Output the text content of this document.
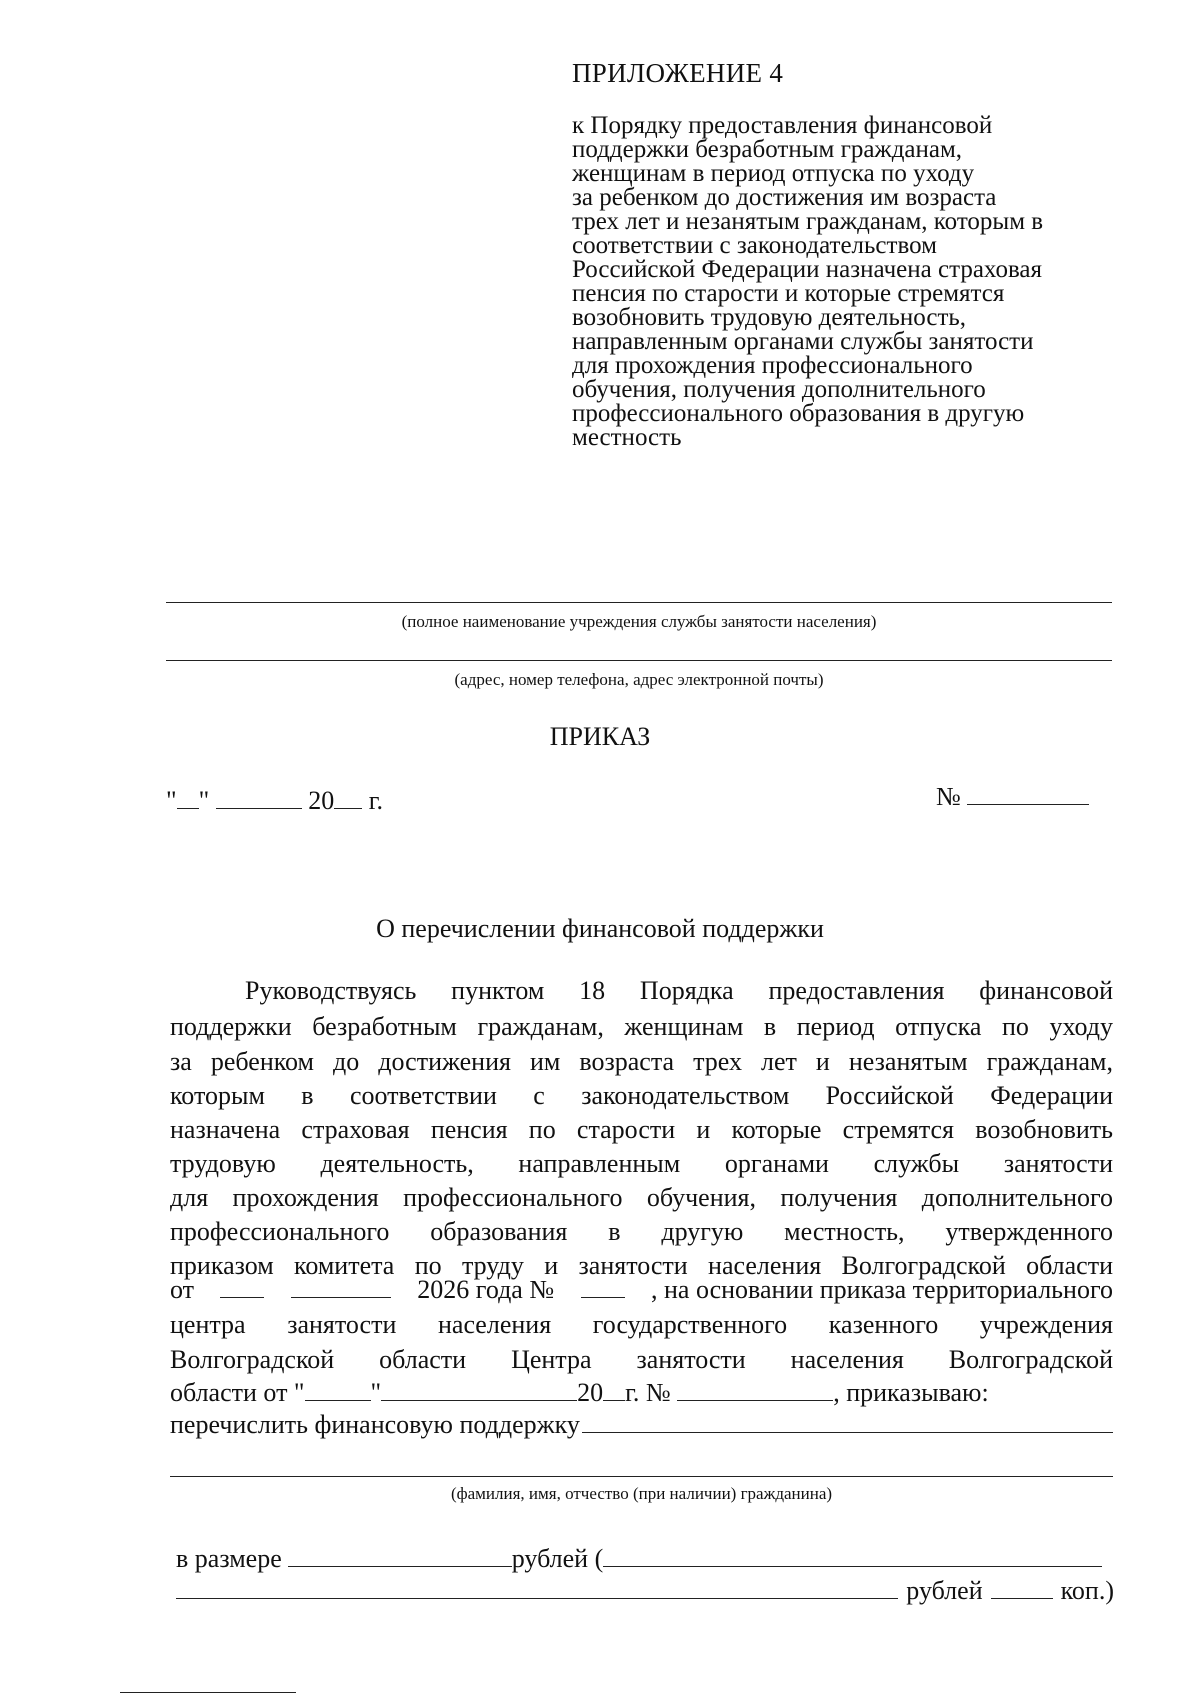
ПРИЛОЖЕНИЕ 4
к Порядку предоставления финансовой
поддержки безработным гражданам,
женщинам в период отпуска по уходу
за ребенком до достижения им возраста
трех лет и незанятым гражданам, которым в
соответствии с законодательством
Российской Федерации назначена страховая
пенсия по старости и которые стремятся
возобновить трудовую деятельность,
направленным органами службы занятости
для прохождения профессионального
обучения, получения дополнительного
профессионального образования в другую
местность
(полное наименование учреждения службы занятости населения)
(адрес, номер телефона, адрес электронной почты)
ПРИКАЗ
" "	20 г.	№
О перечислении финансовой поддержки
Руководствуясь пунктом 18 Порядка предоставления финансовой
поддержки безработным гражданам, женщинам в период отпуска по уходу
за ребенком до достижения им возраста трех лет и незанятым гражданам,
которым в соответствии с законодательством Российской Федерации
назначена страховая пенсия по старости и которые стремятся возобновить
трудовую деятельность, направленным органами службы занятости
для прохождения профессионального обучения, получения дополнительного
профессионального образования в другую местность, утвержденного
приказом комитета по труду и занятости населения Волгоградской области
от	2026 года №	, на основании приказа территориального
центра занятости населения государственного казенного учреждения
Волгоградской области Центра занятости населения Волгоградской
области от "	"	20 г. №	, приказываю:
перечислить финансовую поддержку
(фамилия, имя, отчество (при наличии) гражданина)
в размере	рублей (
рублей	коп.)
